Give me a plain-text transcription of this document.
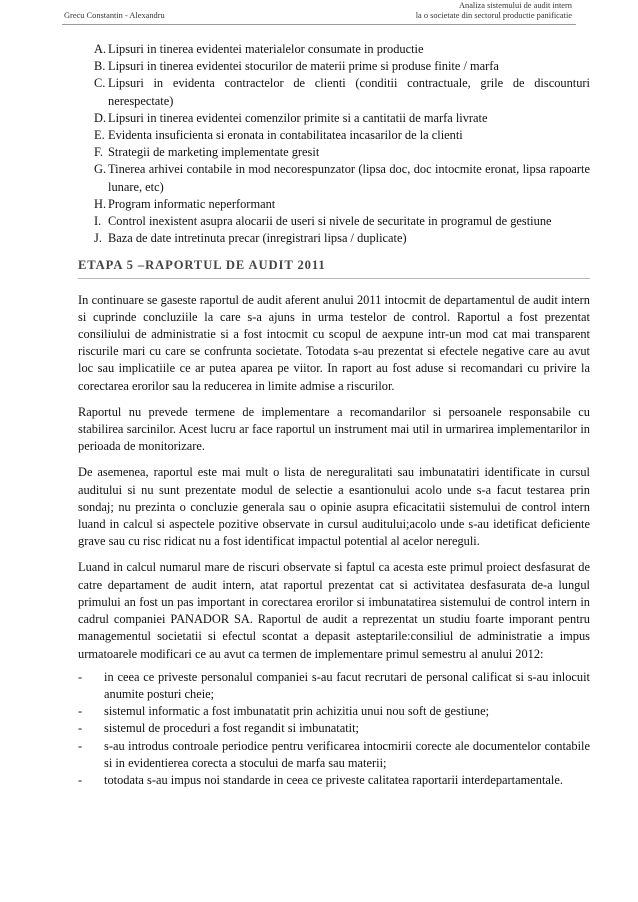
Grecu Constantin - Alexandru
Analiza sistemului de audit intern
la o societate din sectorul productie panificatie
A. Lipsuri in tinerea evidentei materialelor consumate in productie
B. Lipsuri in tinerea evidentei stocurilor de materii prime si produse finite / marfa
C. Lipsuri in evidenta contractelor de clienti (conditii contractuale, grile de discounturi nerespectate)
D. Lipsuri in tinerea evidentei comenzilor primite si a cantitatii de marfa livrate
E. Evidenta insuficienta si eronata in contabilitatea incasarilor de la clienti
F. Strategii de marketing implementate gresit
G. Tinerea arhivei contabile in mod necorespunzator (lipsa doc, doc intocmite eronat, lipsa rapoarte lunare, etc)
H. Program informatic neperformant
I. Control inexistent asupra alocarii de useri si nivele de securitate in programul de gestiune
J. Baza de date intretinuta precar (inregistrari lipsa / duplicate)
ETAPA 5 –RAPORTUL DE AUDIT 2011

In continuare se gaseste raportul de audit aferent anului 2011 intocmit de departamentul de audit intern si cuprinde concluziile la care s-a ajuns in urma testelor de control. Raportul a fost prezentat consiliului de administratie si a fost intocmit cu scopul de aexpune intr-un mod cat mai transparent riscurile mari cu care se confrunta societate. Totodata s-au prezentat si efectele negative care au avut loc sau implicatiile ce ar putea aparea pe viitor. In raport au fost aduse si recomandari cu privire la corectarea erorilor sau la reducerea in limite admise a riscurilor.

Raportul nu prevede termene de implementare a recomandarilor si persoanele responsabile cu stabilirea sarcinilor. Acest lucru ar face raportul un instrument mai util in urmarirea implementarilor in perioada de monitorizare.

De asemenea, raportul este mai mult o lista de nereguralitati sau imbunatatiri identificate in cursul auditului si nu sunt prezentate modul de selectie a esantionului acolo unde s-a facut testarea prin sondaj; nu prezinta o concluzie generala sau o opinie asupra eficacitatii sistemului de control intern luand in calcul si aspectele pozitive observate in cursul auditului;acolo unde s-au idetificat deficiente grave sau cu risc ridicat nu a fost identificat impactul potential al acelor nereguli.

Luand in calcul numarul mare de riscuri observate si faptul ca acesta este primul proiect desfasurat de catre departament de audit intern, atat raportul prezentat cat si activitatea desfasurata de-a lungul primului an fost un pas important in corectarea erorilor si imbunatatirea sistemului de control intern in cadrul companiei PANADOR SA. Raportul de audit a reprezentat un studiu foarte imporant pentru managementul societatii si efectul scontat a depasit asteptarile:consiliul de administratie a impus urmatoarele modificari ce au avut ca termen de implementare primul semestru al anului 2012:

- in ceea ce priveste personalul companiei s-au facut recrutari de personal calificat si s-au inlocuit anumite posturi cheie;
- sistemul informatic a fost imbunatatit prin achizitia unui nou soft de gestiune;
- sistemul de proceduri a fost regandit si imbunatatit;
- s-au introdus controale periodice pentru verificarea intocmirii corecte ale documentelor contabile si in evidentierea corecta a stocului de marfa sau materii;
- totodata s-au impus noi standarde in ceea ce priveste calitatea raportarii interdepartamentale.
